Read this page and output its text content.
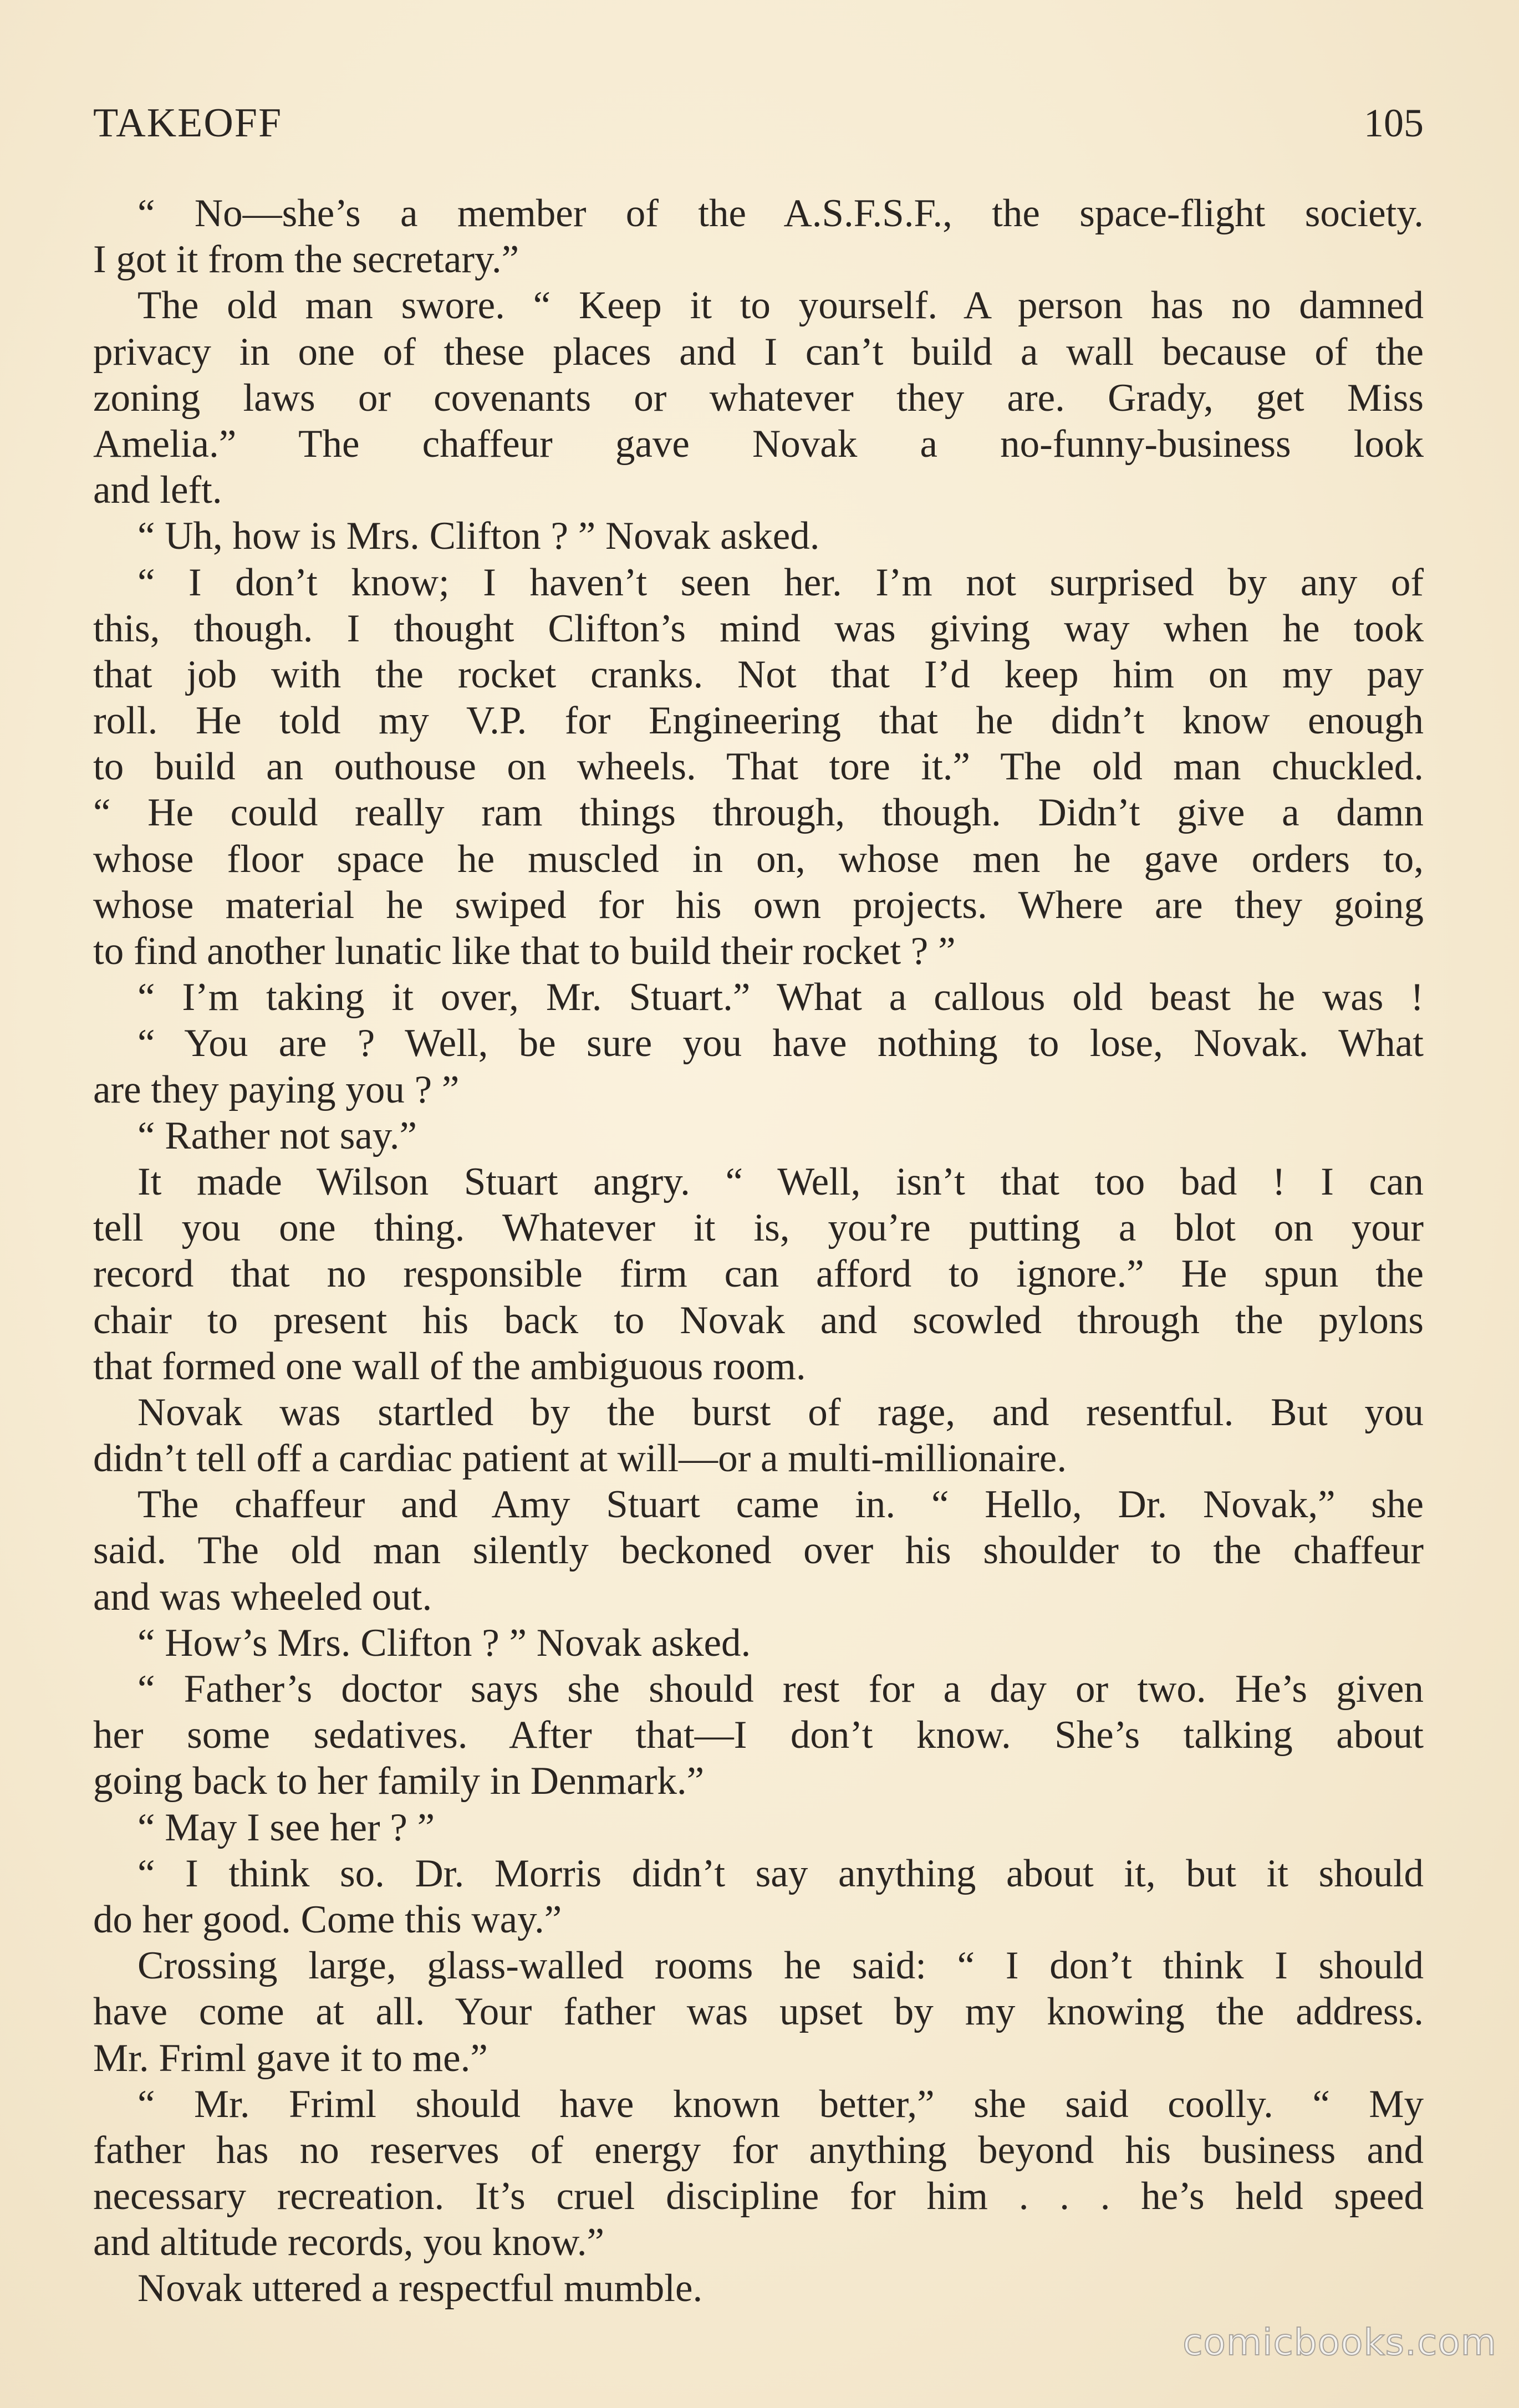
TAKEOFF	105
“ No—she’s a member of the A.S.F.S.F., the space-flight society.
I got it from the secretary.”
The old man swore. “ Keep it to yourself. A person has no damned
privacy in one of these places and I can’t build a wall because of the
zoning laws or covenants or whatever they are. Grady, get Miss
Amelia.” The chaffeur gave Novak a no-funny-business look
and left.
“ Uh, how is Mrs. Clifton ? ” Novak asked.
“ I don’t know; I haven’t seen her. I’m not surprised by any of
this, though. I thought Clifton’s mind was giving way when he took
that job with the rocket cranks. Not that I’d keep him on my pay
roll. He told my V.P. for Engineering that he didn’t know enough
to build an outhouse on wheels. That tore it.” The old man chuckled.
“ He could really ram things through, though. Didn’t give a damn
whose floor space he muscled in on, whose men he gave orders to,
whose material he swiped for his own projects. Where are they going
to find another lunatic like that to build their rocket ? ”
“ I’m taking it over, Mr. Stuart.” What a callous old beast he was !
“ You are ? Well, be sure you have nothing to lose, Novak. What
are they paying you ? ”
“ Rather not say.”
It made Wilson Stuart angry. “ Well, isn’t that too bad ! I can
tell you one thing. Whatever it is, you’re putting a blot on your
record that no responsible firm can afford to ignore.” He spun the
chair to present his back to Novak and scowled through the pylons
that formed one wall of the ambiguous room.
Novak was startled by the burst of rage, and resentful. But you
didn’t tell off a cardiac patient at will—or a multi-millionaire.
The chaffeur and Amy Stuart came in. “ Hello, Dr. Novak,” she
said. The old man silently beckoned over his shoulder to the chaffeur
and was wheeled out.
“ How’s Mrs. Clifton ? ” Novak asked.
“ Father’s doctor says she should rest for a day or two. He’s given
her some sedatives. After that—I don’t know. She’s talking about
going back to her family in Denmark.”
“ May I see her ? ”
“ I think so. Dr. Morris didn’t say anything about it, but it should
do her good. Come this way.”
Crossing large, glass-walled rooms he said: “ I don’t think I should
have come at all. Your father was upset by my knowing the address.
Mr. Friml gave it to me.”
“ Mr. Friml should have known better,” she said coolly. “ My
father has no reserves of energy for anything beyond his business and
necessary recreation. It’s cruel discipline for him . . . he’s held speed
and altitude records, you know.”
Novak uttered a respectful mumble.
comicbooks.com
